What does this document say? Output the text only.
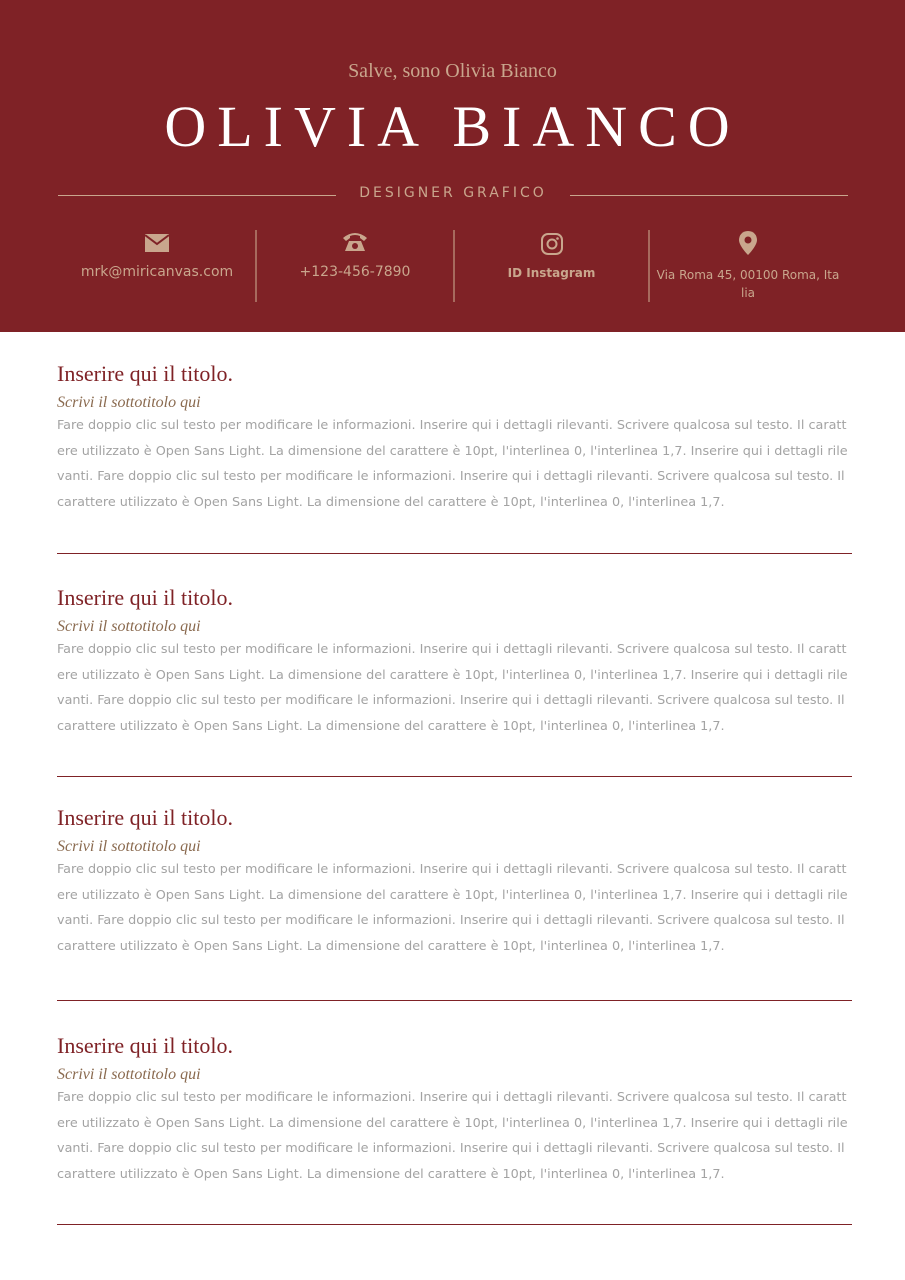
Salve, sono Olivia Bianco
OLIVIA BIANCO
DESIGNER GRAFICO
mrk@miricanvas.com	+123-456-7890	ID Instagram	Via Roma 45, 00100 Roma, Italia
Inserire qui il titolo.
Scrivi il sottotitolo qui
Fare doppio clic sul testo per modificare le informazioni. Inserire qui i dettagli rilevanti. Scrivere qualcosa sul testo. Il carattere utilizzato è Open Sans Light. La dimensione del carattere è 10pt, l'interlinea 0, l'interlinea 1,7. Inserire qui i dettagli rilevanti. Fare doppio clic sul testo per modificare le informazioni. Inserire qui i dettagli rilevanti. Scrivere qualcosa sul testo. Il carattere utilizzato è Open Sans Light. La dimensione del carattere è 10pt, l'interlinea 0, l'interlinea 1,7.
Inserire qui il titolo.
Scrivi il sottotitolo qui
Fare doppio clic sul testo per modificare le informazioni. Inserire qui i dettagli rilevanti. Scrivere qualcosa sul testo. Il carattere utilizzato è Open Sans Light. La dimensione del carattere è 10pt, l'interlinea 0, l'interlinea 1,7. Inserire qui i dettagli rilevanti. Fare doppio clic sul testo per modificare le informazioni. Inserire qui i dettagli rilevanti. Scrivere qualcosa sul testo. Il carattere utilizzato è Open Sans Light. La dimensione del carattere è 10pt, l'interlinea 0, l'interlinea 1,7.
Inserire qui il titolo.
Scrivi il sottotitolo qui
Fare doppio clic sul testo per modificare le informazioni. Inserire qui i dettagli rilevanti. Scrivere qualcosa sul testo. Il carattere utilizzato è Open Sans Light. La dimensione del carattere è 10pt, l'interlinea 0, l'interlinea 1,7. Inserire qui i dettagli rilevanti. Fare doppio clic sul testo per modificare le informazioni. Inserire qui i dettagli rilevanti. Scrivere qualcosa sul testo. Il carattere utilizzato è Open Sans Light. La dimensione del carattere è 10pt, l'interlinea 0, l'interlinea 1,7.
Inserire qui il titolo.
Scrivi il sottotitolo qui
Fare doppio clic sul testo per modificare le informazioni. Inserire qui i dettagli rilevanti. Scrivere qualcosa sul testo. Il carattere utilizzato è Open Sans Light. La dimensione del carattere è 10pt, l'interlinea 0, l'interlinea 1,7. Inserire qui i dettagli rilevanti. Fare doppio clic sul testo per modificare le informazioni. Inserire qui i dettagli rilevanti. Scrivere qualcosa sul testo. Il carattere utilizzato è Open Sans Light. La dimensione del carattere è 10pt, l'interlinea 0, l'interlinea 1,7.
